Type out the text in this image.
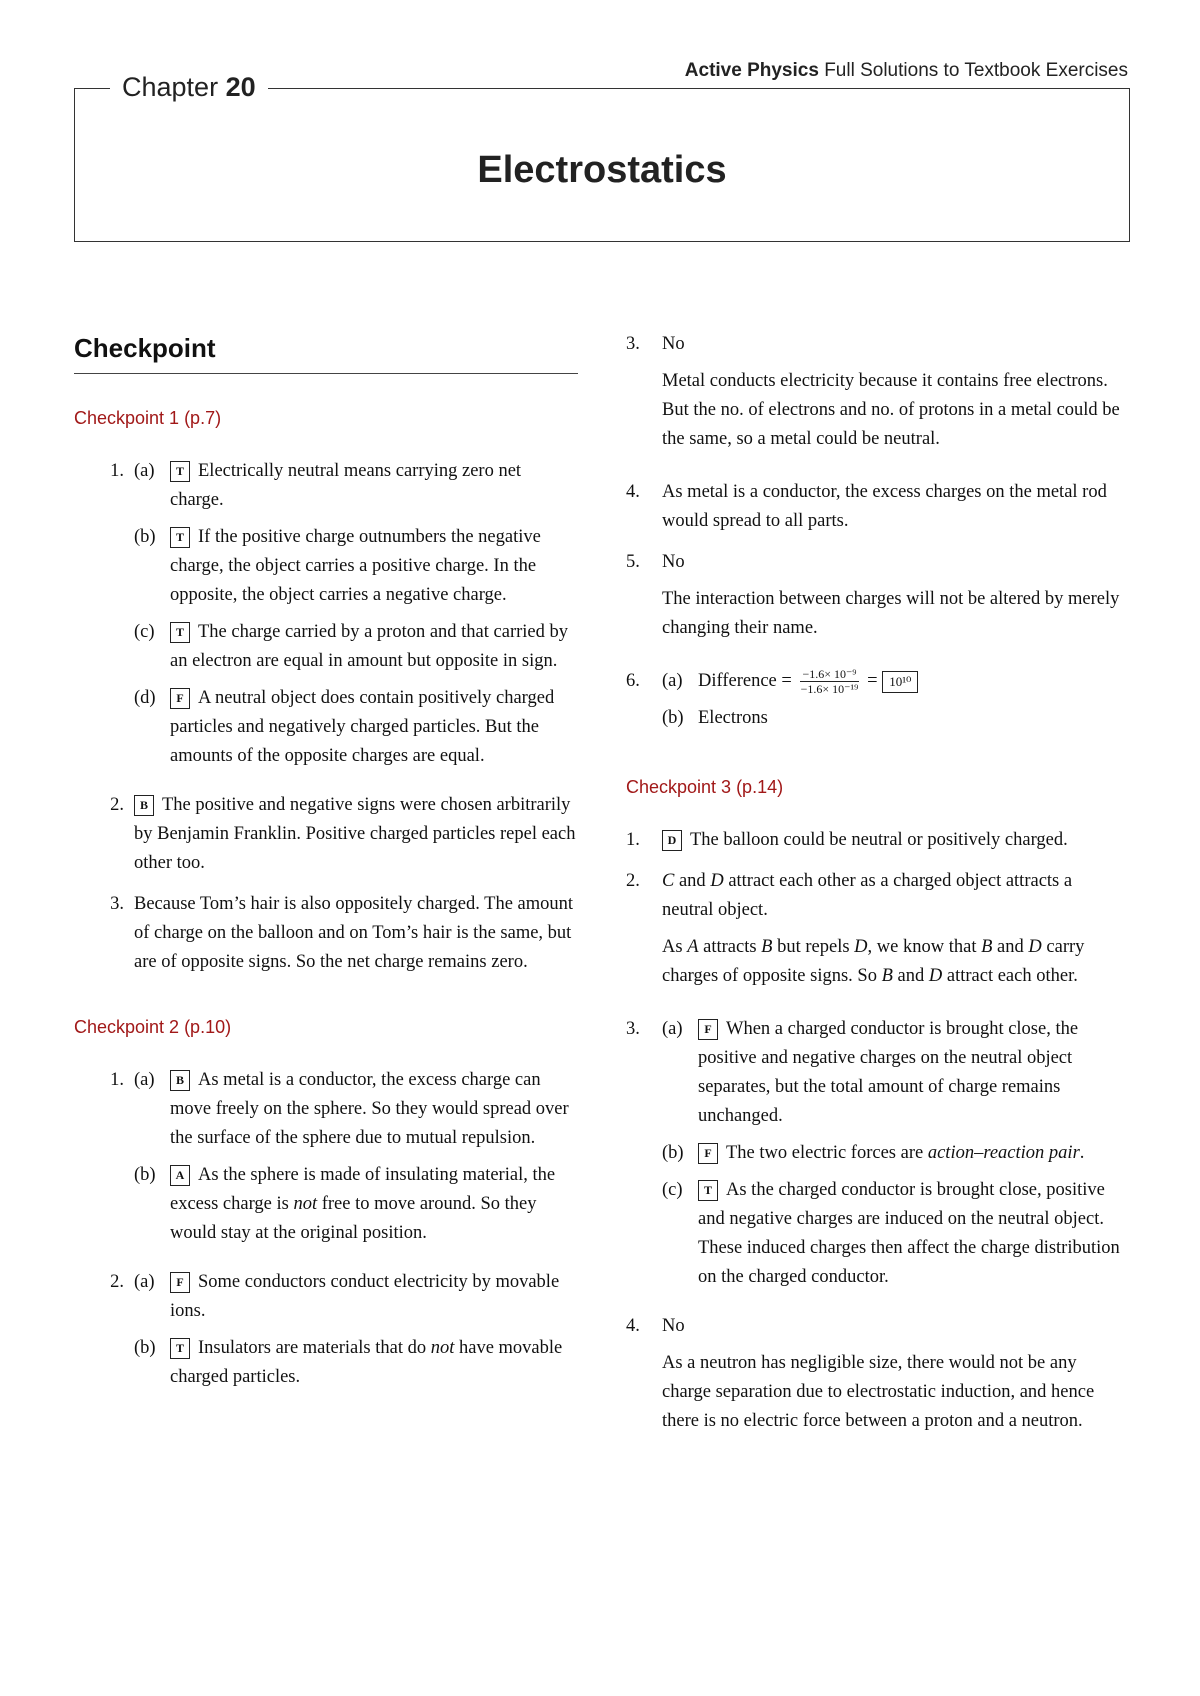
Active Physics Full Solutions to Textbook Exercises
Electrostatics
Chapter 20
Checkpoint
Checkpoint 1 (p.7)
1. (a)	T Electrically neutral means carrying zero net charge.
(b)	T If the positive charge outnumbers the negative charge, the object carries a positive charge. In the opposite, the object carries a negative charge.
(c)	T The charge carried by a proton and that carried by an electron are equal in amount but opposite in sign.
(d)	F A neutral object does contain positively charged particles and negatively charged particles. But the amounts of the opposite charges are equal.
2.	B The positive and negative signs were chosen arbitrarily by Benjamin Franklin. Positive charged particles repel each other too.
3. Because Tom’s hair is also oppositely charged. The amount of charge on the balloon and on Tom’s hair is the same, but are of opposite signs. So the net charge remains zero.
Checkpoint 2 (p.10)
1. (a)	B As metal is a conductor, the excess charge can move freely on the sphere. So they would spread over the surface of the sphere due to mutual repulsion.
(b)	A As the sphere is made of insulating material, the excess charge is not free to move around. So they would stay at the original position.
2. (a)	F Some conductors conduct electricity by movable ions.
(b)	T Insulators are materials that do not have movable charged particles.
3.	No
Metal conducts electricity because it contains free electrons. But the no. of electrons and no. of protons in a metal could be the same, so a metal could be neutral.
4.	As metal is a conductor, the excess charges on the metal rod would spread to all parts.
5.	No
The interaction between charges will not be altered by merely changing their name.
6.	(a) Difference = $\frac{\text{−1.6× 10⁻⁹}}{\text{−1.6× 10⁻¹⁹}} = 10^{10}$
(b) Electrons
Checkpoint 3 (p.14)
1.	D The balloon could be neutral or positively charged.
2.	C and D attract each other as a charged object attracts a neutral object.
As A attracts B but repels D, we know that B and D carry charges of opposite signs. So B and D attract each other.
3.	(a)	F When a charged conductor is brought close, the positive and negative charges on the neutral object separates, but the total amount of charge remains unchanged.
(b)	F The two electric forces are action–reaction pair.
(c)	T As the charged conductor is brought close, positive and negative charges are induced on the neutral object. These induced charges then affect the charge distribution on the charged conductor.
4.	No
As a neutron has negligible size, there would not be any charge separation due to electrostatic induction, and hence there is no electric force between a proton and a neutron.
